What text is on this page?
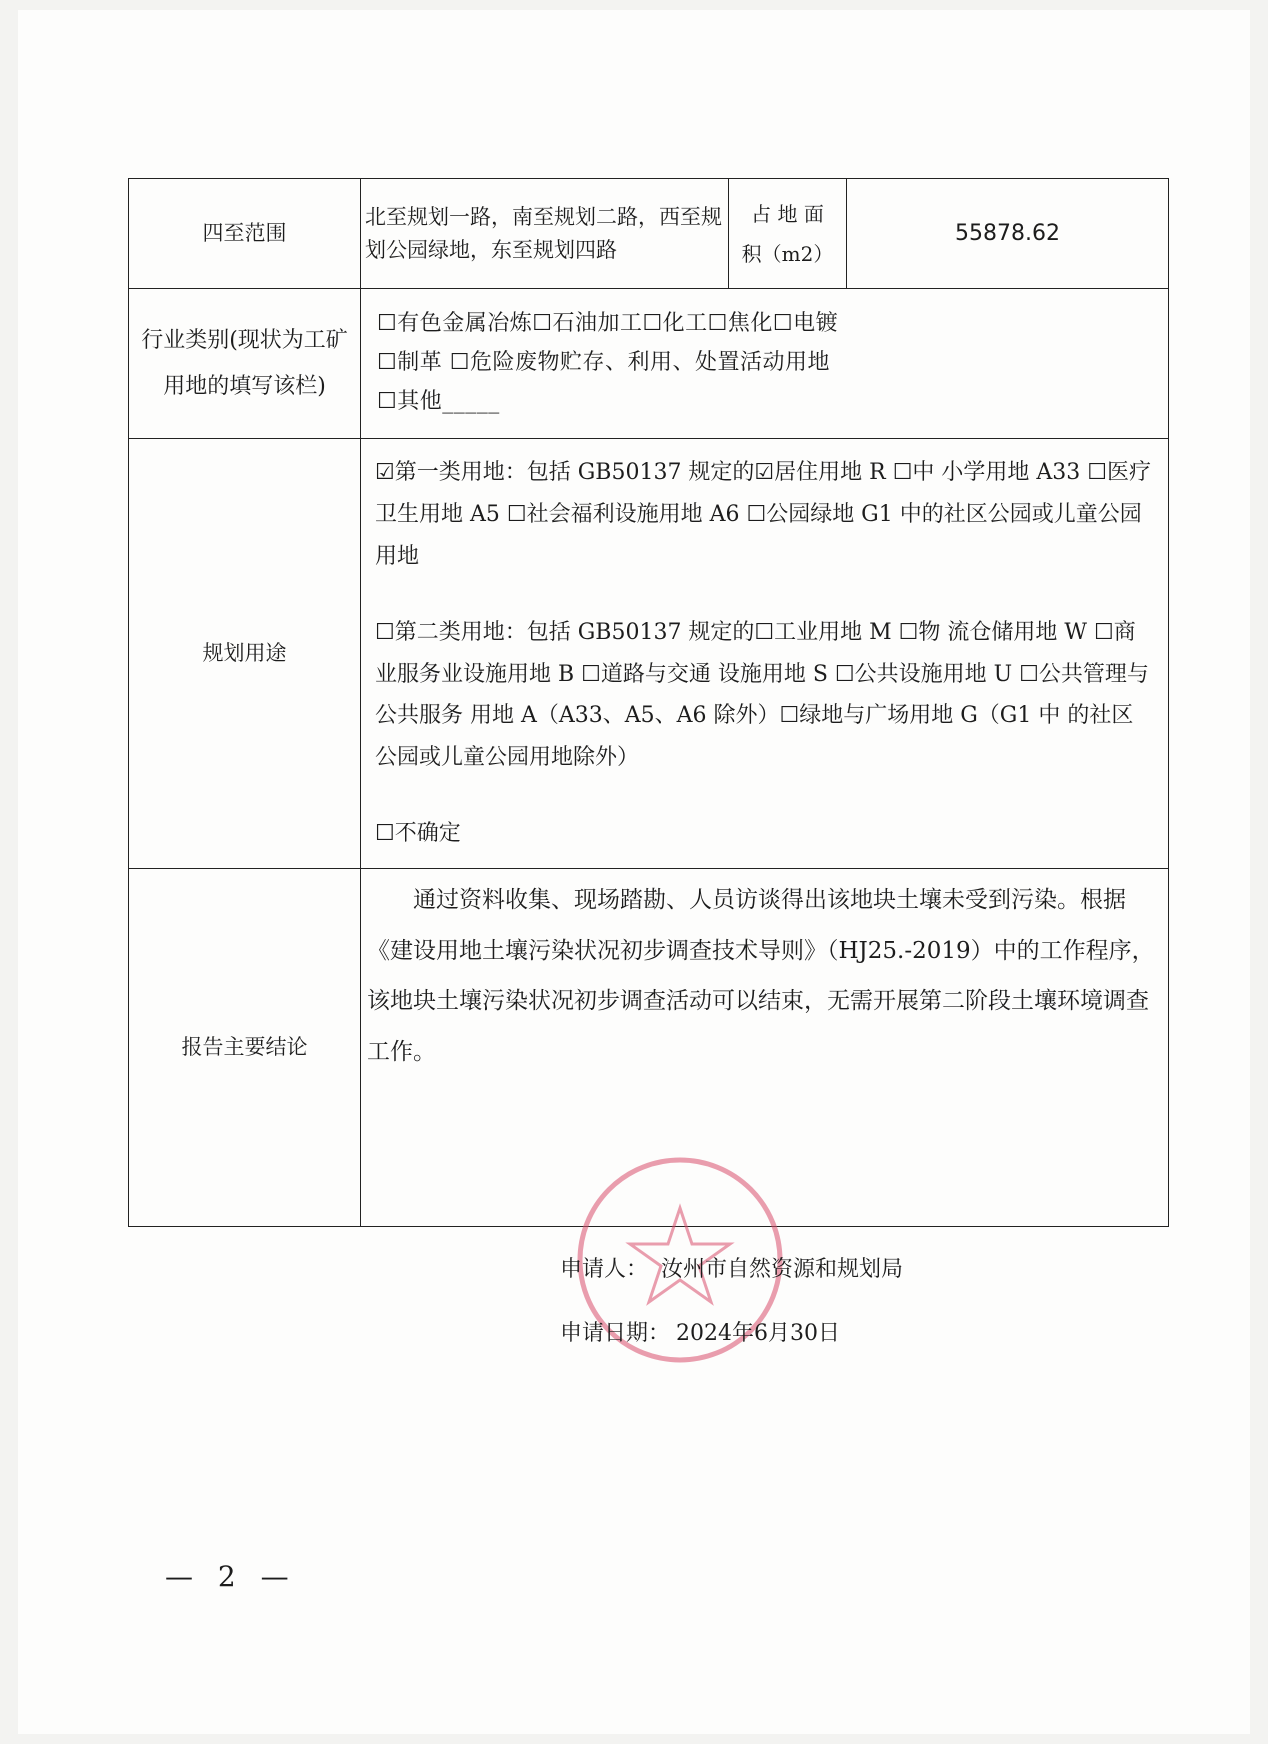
四至范围	北至规划一路，南至规划二路，西至规划公园绿地，东至规划四路	占 地 面 积（m2）	55878.62
行业类别(现状为工矿用地的填写该栏)	☐有色金属冶炼☐石油加工☐化工☐焦化☐电镀
☐制革 ☐危险废物贮存、利用、处置活动用地
☐其他_____		

规划用途	☑第一类用地：包括 GB50137 规定的☑居住用地 R ☐中 小学用地 A33 ☐医疗卫生用地 A5 ☐社会福利设施用地 A6 ☐公园绿地 G1 中的社区公园或儿童公园用地
☐第二类用地：包括 GB50137 规定的☐工业用地 M ☐物 流仓储用地 W ☐商业服务业设施用地 B ☐道路与交通 设施用地 S ☐公共设施用地 U ☐公共管理与公共服务 用地 A（A33、A5、A6 除外）☐绿地与广场用地 G（G1 中 的社区公园或儿童公园用地除外）
☐不确定		

报告主要结论	通过资料收集、现场踏勘、人员访谈得出该地块土壤未受到污染。根据《建设用地土壤污染状况初步调查技术导则》（HJ25.-2019）中的工作程序，该地块土壤污染状况初步调查活动可以结束，无需开展第二阶段土壤环境调查工作。		
申请人： 汝州市自然资源和规划局
申请日期： 2024年6月30日
— 2 —
